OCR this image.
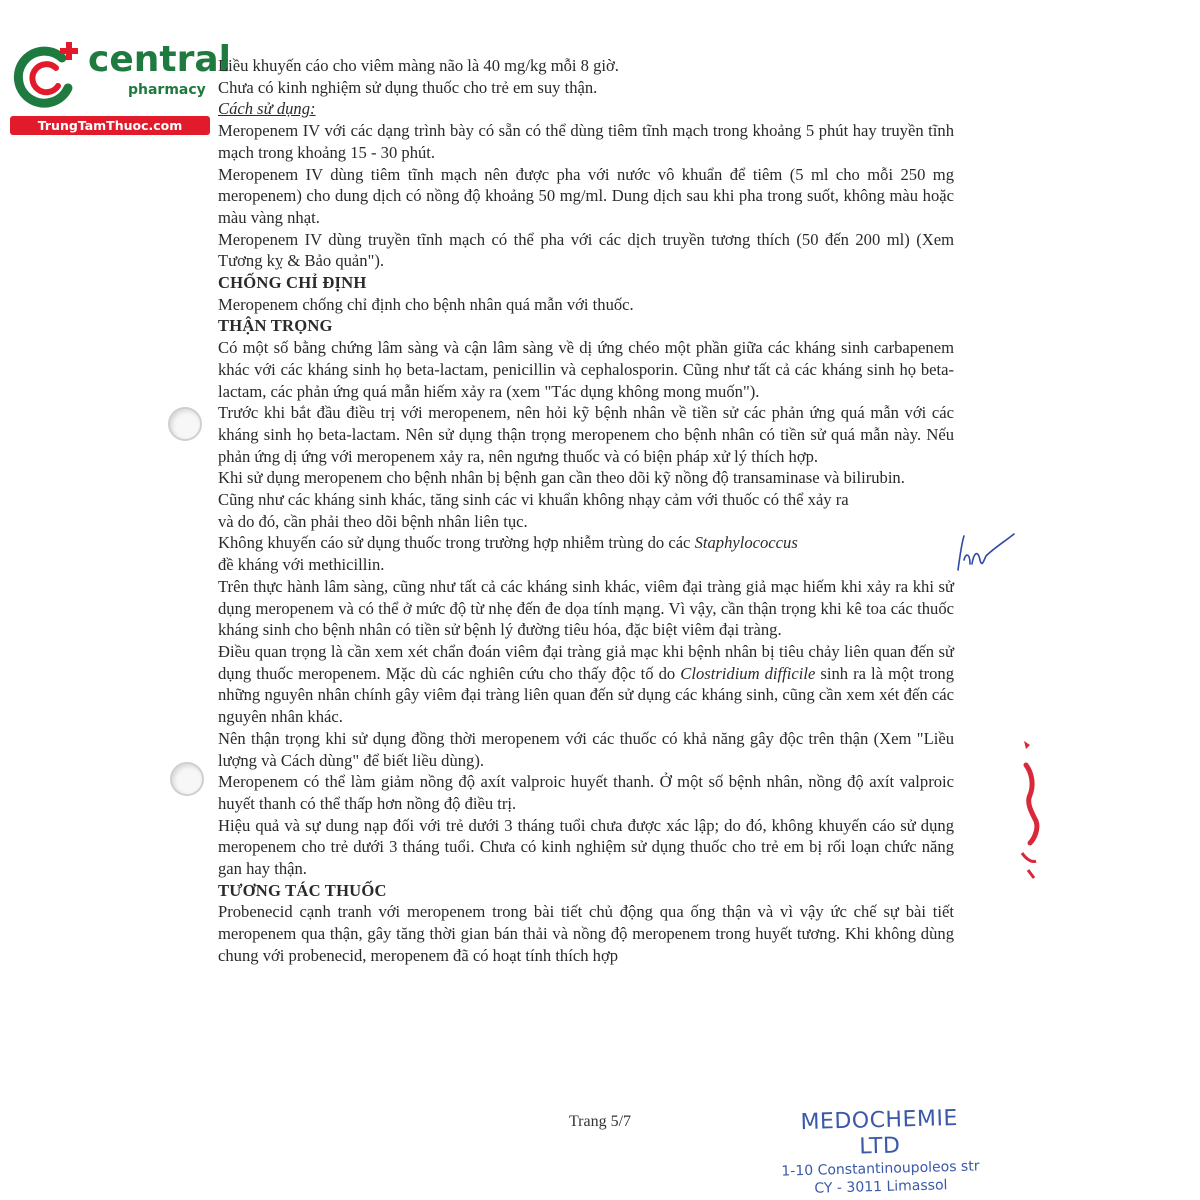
central
pharmacy
TrungTamThuoc.com

Liều khuyến cáo cho viêm màng não là 40 mg/kg mỗi 8 giờ.

Chưa có kinh nghiệm sử dụng thuốc cho trẻ em suy thận.

Cách sử dụng:

Meropenem IV với các dạng trình bày có sẵn có thể dùng tiêm tĩnh mạch trong khoảng 5 phút hay truyền tĩnh mạch trong khoảng 15 - 30 phút.

Meropenem IV dùng tiêm tĩnh mạch nên được pha với nước vô khuẩn để tiêm (5 ml cho mỗi 250 mg meropenem) cho dung dịch có nồng độ khoảng 50 mg/ml. Dung dịch sau khi pha trong suốt, không màu hoặc màu vàng nhạt.

Meropenem IV dùng truyền tĩnh mạch có thể pha với các dịch truyền tương thích (50 đến 200 ml) (Xem Tương kỵ & Bảo quản").

CHỐNG CHỈ ĐỊNH

Meropenem chống chỉ định cho bệnh nhân quá mẫn với thuốc.

THẬN TRỌNG

Có một số bằng chứng lâm sàng và cận lâm sàng về dị ứng chéo một phần giữa các kháng sinh carbapenem khác với các kháng sinh họ beta-lactam, penicillin và cephalosporin. Cũng như tất cả các kháng sinh họ beta-lactam, các phản ứng quá mẫn hiếm xảy ra (xem "Tác dụng không mong muốn").

Trước khi bắt đầu điều trị với meropenem, nên hỏi kỹ bệnh nhân về tiền sử các phản ứng quá mẫn với các kháng sinh họ beta-lactam. Nên sử dụng thận trọng meropenem cho bệnh nhân có tiền sử quá mẫn này. Nếu phản ứng dị ứng với meropenem xảy ra, nên ngưng thuốc và có biện pháp xử lý thích hợp.

Khi sử dụng meropenem cho bệnh nhân bị bệnh gan cần theo dõi kỹ nồng độ transaminase và bilirubin.

Cũng như các kháng sinh khác, tăng sinh các vi khuẩn không nhạy cảm với thuốc có thể xảy ra
và do đó, cần phải theo dõi bệnh nhân liên tục.

Không khuyến cáo sử dụng thuốc trong trường hợp nhiễm trùng do các Staphylococcus
đề kháng với methicillin.

Trên thực hành lâm sàng, cũng như tất cả các kháng sinh khác, viêm đại tràng giả mạc hiếm khi xảy ra khi sử dụng meropenem và có thể ở mức độ từ nhẹ đến đe dọa tính mạng. Vì vậy, cần thận trọng khi kê toa các thuốc kháng sinh cho bệnh nhân có tiền sử bệnh lý đường tiêu hóa, đặc biệt viêm đại tràng.

Điều quan trọng là cần xem xét chẩn đoán viêm đại tràng giả mạc khi bệnh nhân bị tiêu chảy liên quan đến sử dụng thuốc meropenem. Mặc dù các nghiên cứu cho thấy độc tố do Clostridium difficile sinh ra là một trong những nguyên nhân chính gây viêm đại tràng liên quan đến sử dụng các kháng sinh, cũng cần xem xét đến các nguyên nhân khác.

Nên thận trọng khi sử dụng đồng thời meropenem với các thuốc có khả năng gây độc trên thận (Xem "Liều lượng và Cách dùng" để biết liều dùng).

Meropenem có thể làm giảm nồng độ axít valproic huyết thanh. Ở một số bệnh nhân, nồng độ axít valproic huyết thanh có thể thấp hơn nồng độ điều trị.

Hiệu quả và sự dung nạp đối với trẻ dưới 3 tháng tuổi chưa được xác lập; do đó, không khuyến cáo sử dụng meropenem cho trẻ dưới 3 tháng tuổi. Chưa có kinh nghiệm sử dụng thuốc cho trẻ em bị rối loạn chức năng gan hay thận.

TƯƠNG TÁC THUỐC

Probenecid cạnh tranh với meropenem trong bài tiết chủ động qua ống thận và vì vậy ức chế sự bài tiết meropenem qua thận, gây tăng thời gian bán thải và nồng độ meropenem trong huyết tương. Khi không dùng chung với probenecid, meropenem đã có hoạt tính thích hợp

Trang 5/7	MEDOCHEMIE LTD
1-10 Constantinoupoleos str
CY - 3011 Limassol
